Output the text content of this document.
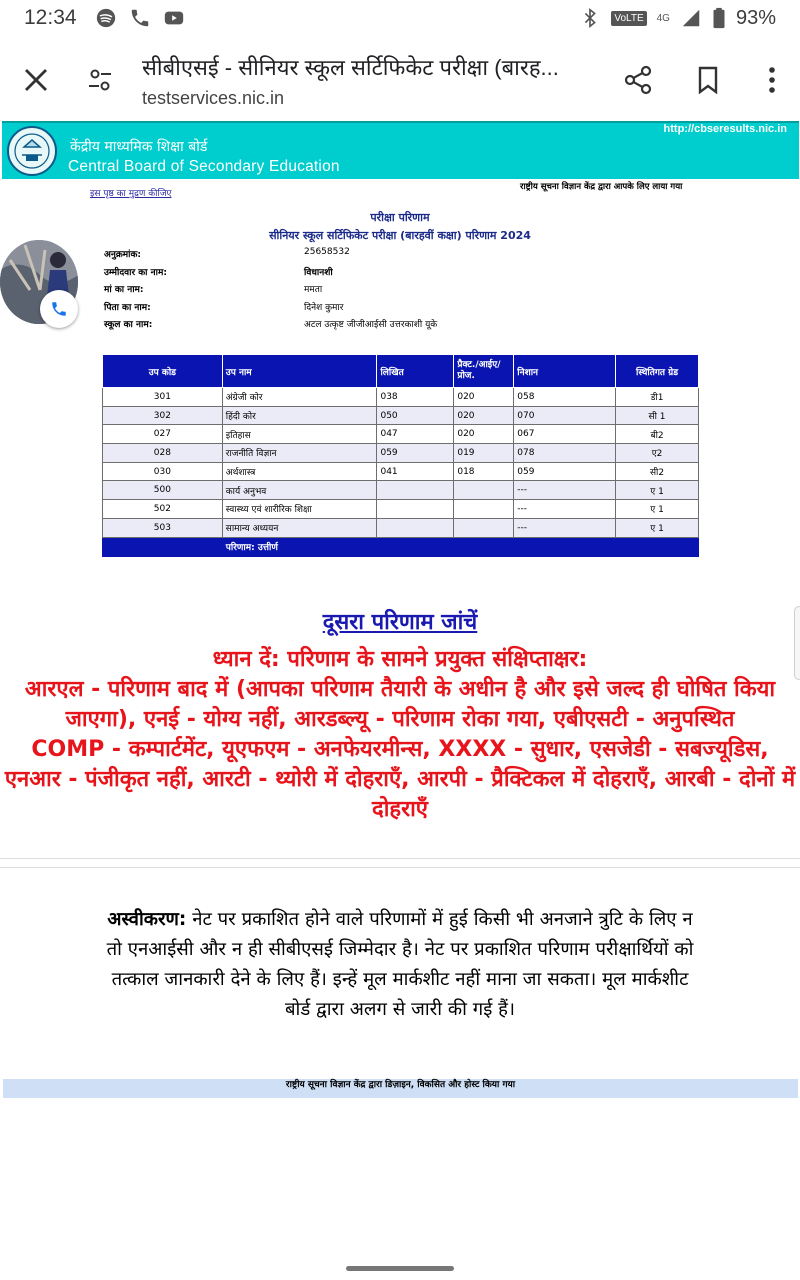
12:34	VoLTE	4G	93%
सीबीएसई - सीनियर स्कूल सर्टिफिकेट परीक्षा (बारह...
testservices.nic.in
केंद्रीय माध्यमिक शिक्षा बोर्ड
Central Board of Secondary Education
http://cbseresults.nic.in
इस पृष्ठ का मुद्रण कीजिए
राष्ट्रीय सूचना विज्ञान केंद्र द्वारा आपके लिए लाया गया
परीक्षा परिणाम
सीनियर स्कूल सर्टिफिकेट परीक्षा (बारहवीं कक्षा) परिणाम 2024
अनुक्रमांक:	25658532
उम्मीदवार का नाम:	विधानशी
मां का नाम:	ममता
पिता का नाम:	दिनेश कुमार
स्कूल का नाम:	अटल उत्कृष्ट जीजीआईसी उत्तरकाशी यूके
उप कोड	उप नाम	लिखित	प्रैक्ट./आईए/प्रोज.	निशान	स्थितिगत ग्रेड
301	अंग्रेजी कोर	038	020	058	डी1
302	हिंदी कोर	050	020	070	सी 1
027	इतिहास	047	020	067	बी2
028	राजनीति विज्ञान	059	019	078	ए2
030	अर्थशास्त्र	041	018	059	सी2
500	कार्य अनुभव			---	ए 1
502	स्वास्थ्य एवं शारीरिक शिक्षा			---	ए 1
503	सामान्य अध्ययन			---	ए 1
	परिणाम: उत्तीर्ण				
दूसरा परिणाम जांचें
ध्यान दें: परिणाम के सामने प्रयुक्त संक्षिप्ताक्षर:
आरएल - परिणाम बाद में (आपका परिणाम तैयारी के अधीन है और इसे जल्द ही घोषित किया जाएगा), एनई - योग्य नहीं, आरडब्ल्यू - परिणाम रोका गया, एबीएसटी - अनुपस्थित
COMP - कम्पार्टमेंट, यूएफएम - अनफेयरमीन्स, XXXX - सुधार, एसजेडी - सबज्यूडिस, एनआर - पंजीकृत नहीं, आरटी - थ्योरी में दोहराएँ, आरपी - प्रैक्टिकल में दोहराएँ, आरबी - दोनों में दोहराएँ
अस्वीकरण: नेट पर प्रकाशित होने वाले परिणामों में हुई किसी भी अनजाने त्रुटि के लिए न तो एनआईसी और न ही सीबीएसई जिम्मेदार है। नेट पर प्रकाशित परिणाम परीक्षार्थियों को तत्काल जानकारी देने के लिए हैं। इन्हें मूल मार्कशीट नहीं माना जा सकता। मूल मार्कशीट बोर्ड द्वारा अलग से जारी की गई हैं।
राष्ट्रीय सूचना विज्ञान केंद्र द्वारा डिज़ाइन, विकसित और होस्ट किया गया
